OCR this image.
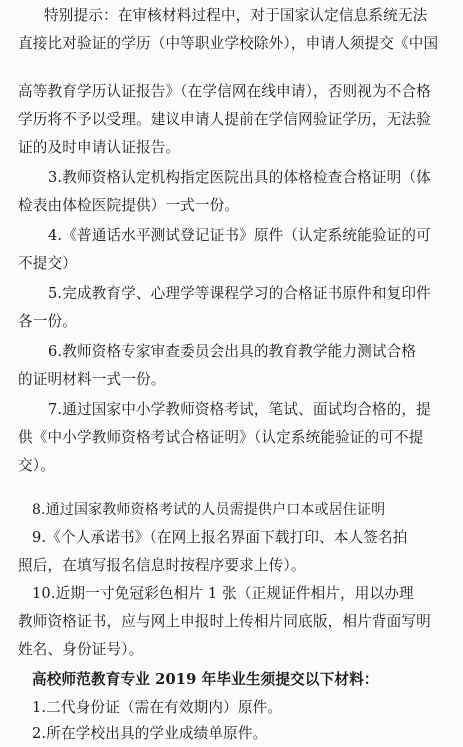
特别提示：在审核材料过程中，对于国家认定信息系统无法
直接比对验证的学历（中等职业学校除外），申请人须提交《中国
高等教育学历认证报告》（在学信网在线申请），否则视为不合格
学历将不予以受理。建议申请人提前在学信网验证学历，无法验
证的及时申请认证报告。
3.教师资格认定机构指定医院出具的体格检查合格证明（体
检表由体检医院提供）一式一份。
4.《普通话水平测试登记证书》原件（认定系统能验证的可
不提交）
5.完成教育学、心理学等课程学习的合格证书原件和复印件
各一份。
6.教师资格专家审查委员会出具的教育教学能力测试合格
的证明材料一式一份。
7.通过国家中小学教师资格考试，笔试、面试均合格的，提
供《中小学教师资格考试合格证明》（认定系统能验证的可不提
交）。
8.通过国家教师资格考试的人员需提供户口本或居住证明
9.《个人承诺书》（在网上报名界面下载打印、本人签名拍
照后，在填写报名信息时按程序要求上传）。
10.近期一寸免冠彩色相片 1 张（正规证件相片，用以办理
教师资格证书，应与网上申报时上传相片同底版，相片背面写明
姓名、身份证号）。
高校师范教育专业 2019 年毕业生须提交以下材料：
1.二代身份证（需在有效期内）原件。
2.所在学校出具的学业成绩单原件。
